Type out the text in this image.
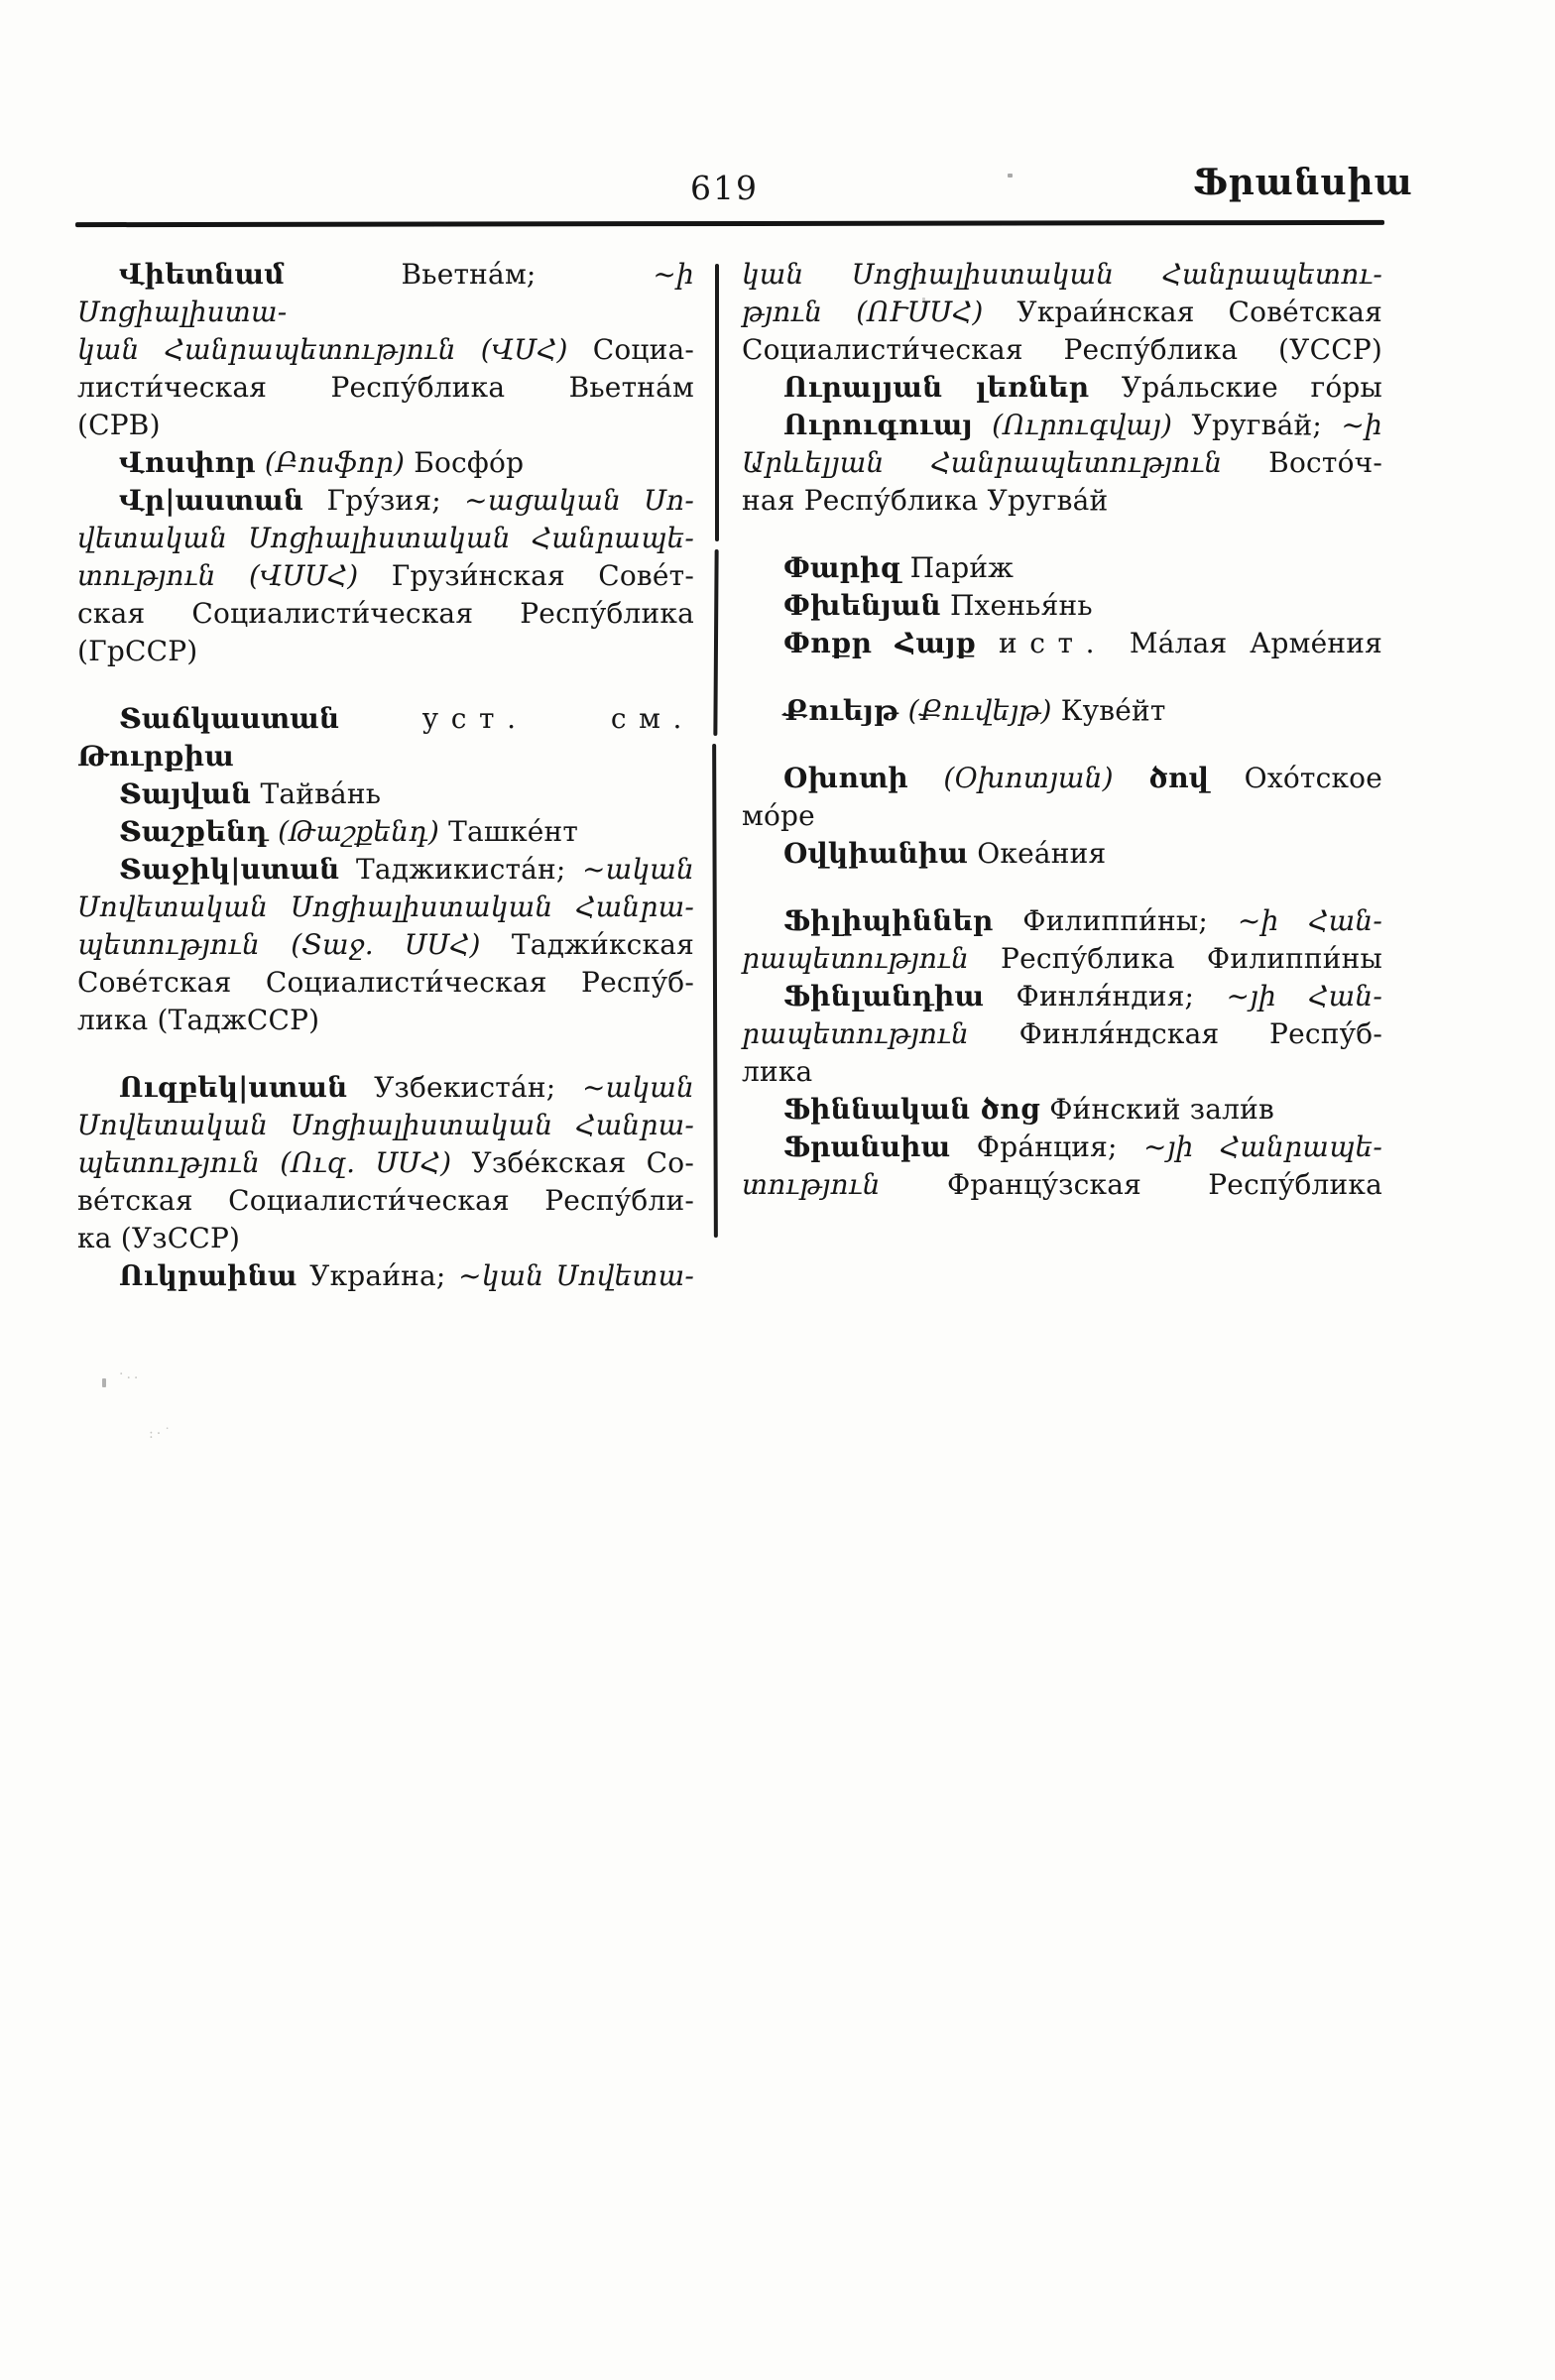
619	Ֆրանսիա
Վիետնամ Вьетна́м; ~ի Սոցիալիստա-
կան Հանրապետություն (ՎՍՀ) Социа-
листи́ческая Респу́блика Вьетна́м
(СРВ)
Վոսփոր (Բոսֆոր) Босфо́р
Վր|աստան Гру́зия; ~ացական Սո-
վետական Սոցիալիստական Հանրապե-
տություն (ՎՍՍՀ) Грузи́нская Сове́т-
ская Социалисти́ческая Респу́блика
(ГрССР)
Տաճկաստան	уст.	см. Թուրքիա
Տայվան Тайва́нь
Տաշքենդ (Թաշքենդ) Ташке́нт
Տաջիկ|ստան Таджикиста́н; ~ական
Սովետական Սոցիալիստական Հանրա-
պետություն (Տաջ. ՍՍՀ) Таджи́кская
Сове́тская Социалисти́ческая Респу́б-
лика (ТаджССР)
Ուզբեկ|ստան Узбекиста́н; ~ական
Սովետական Սոցիալիստական Հանրա-
պետություն (Ուզ. ՍՍՀ) Узбе́кская Со-
ве́тская Социалисти́ческая Респу́бли-
ка (УзССР)
Ուկրաինա Украи́на; ~կան Սովետա-
կան Սոցիալիստական Հանրապետու-
թյուն (ՈՒՍՍՀ) Украи́нская Сове́тская
Социалисти́ческая Респу́блика (УССР)
Ուրալյան լեռներ Ура́льские го́ры
Ուրուգուայ (Ուրուգվայ) Уругва́й; ~ի
Արևելյան Հանրապետություն Восто́ч-
ная Респу́блика Уругва́й
Փարիզ Пари́ж
Փխենյան Пхенья́нь
Փոքր Հայք ист. Ма́лая Арме́ния
Քուեյթ (Քուվեյթ) Куве́йт
Օխոտի (Օխոտյան) ծով Охо́тское мо́ре
Օվկիանիա Океа́ния
Ֆիլիպիններ Филиппи́ны; ~ի Հան-
րապետություն Респу́блика Филиппи́ны
Ֆինլանդիա Финля́ндия; ~յի Հան-
րապետություն Финля́ндская Респу́б-
лика
Ֆիննական ծոց Фи́нский зали́в
Ֆրանսիա Фра́нция; ~յի Հանրապե-
տություն Францу́зская Респу́блика
·..
:·˙
